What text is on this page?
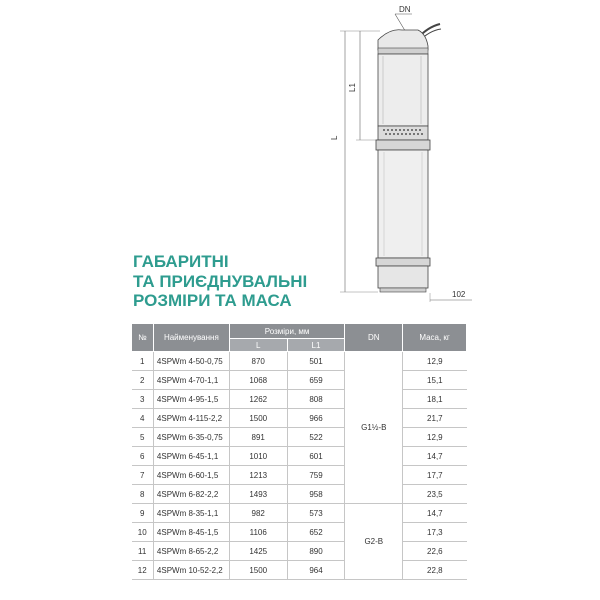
DN
L
L1
102
ГАБАРИТНІ
ТА ПРИЄДНУВАЛЬНІ
РОЗМІРИ ТА МАСА
№	Найменування	Розміри, мм		DN	Маса, кг
		L	L1		
1	4SPWm 4-50-0,75	870	501	G1½-B	12,9
2	4SPWm 4-70-1,1	1068	659		15,1
3	4SPWm 4-95-1,5	1262	808		18,1
4	4SPWm 4-115-2,2	1500	966		21,7
5	4SPWm 6-35-0,75	891	522		12,9
6	4SPWm 6-45-1,1	1010	601		14,7
7	4SPWm 6-60-1,5	1213	759		17,7
8	4SPWm 6-82-2,2	1493	958		23,5
9	4SPWm 8-35-1,1	982	573	G2-B	14,7
10	4SPWm 8-45-1,5	1106	652		17,3
11	4SPWm 8-65-2,2	1425	890		22,6
12	4SPWm 10-52-2,2	1500	964		22,8
